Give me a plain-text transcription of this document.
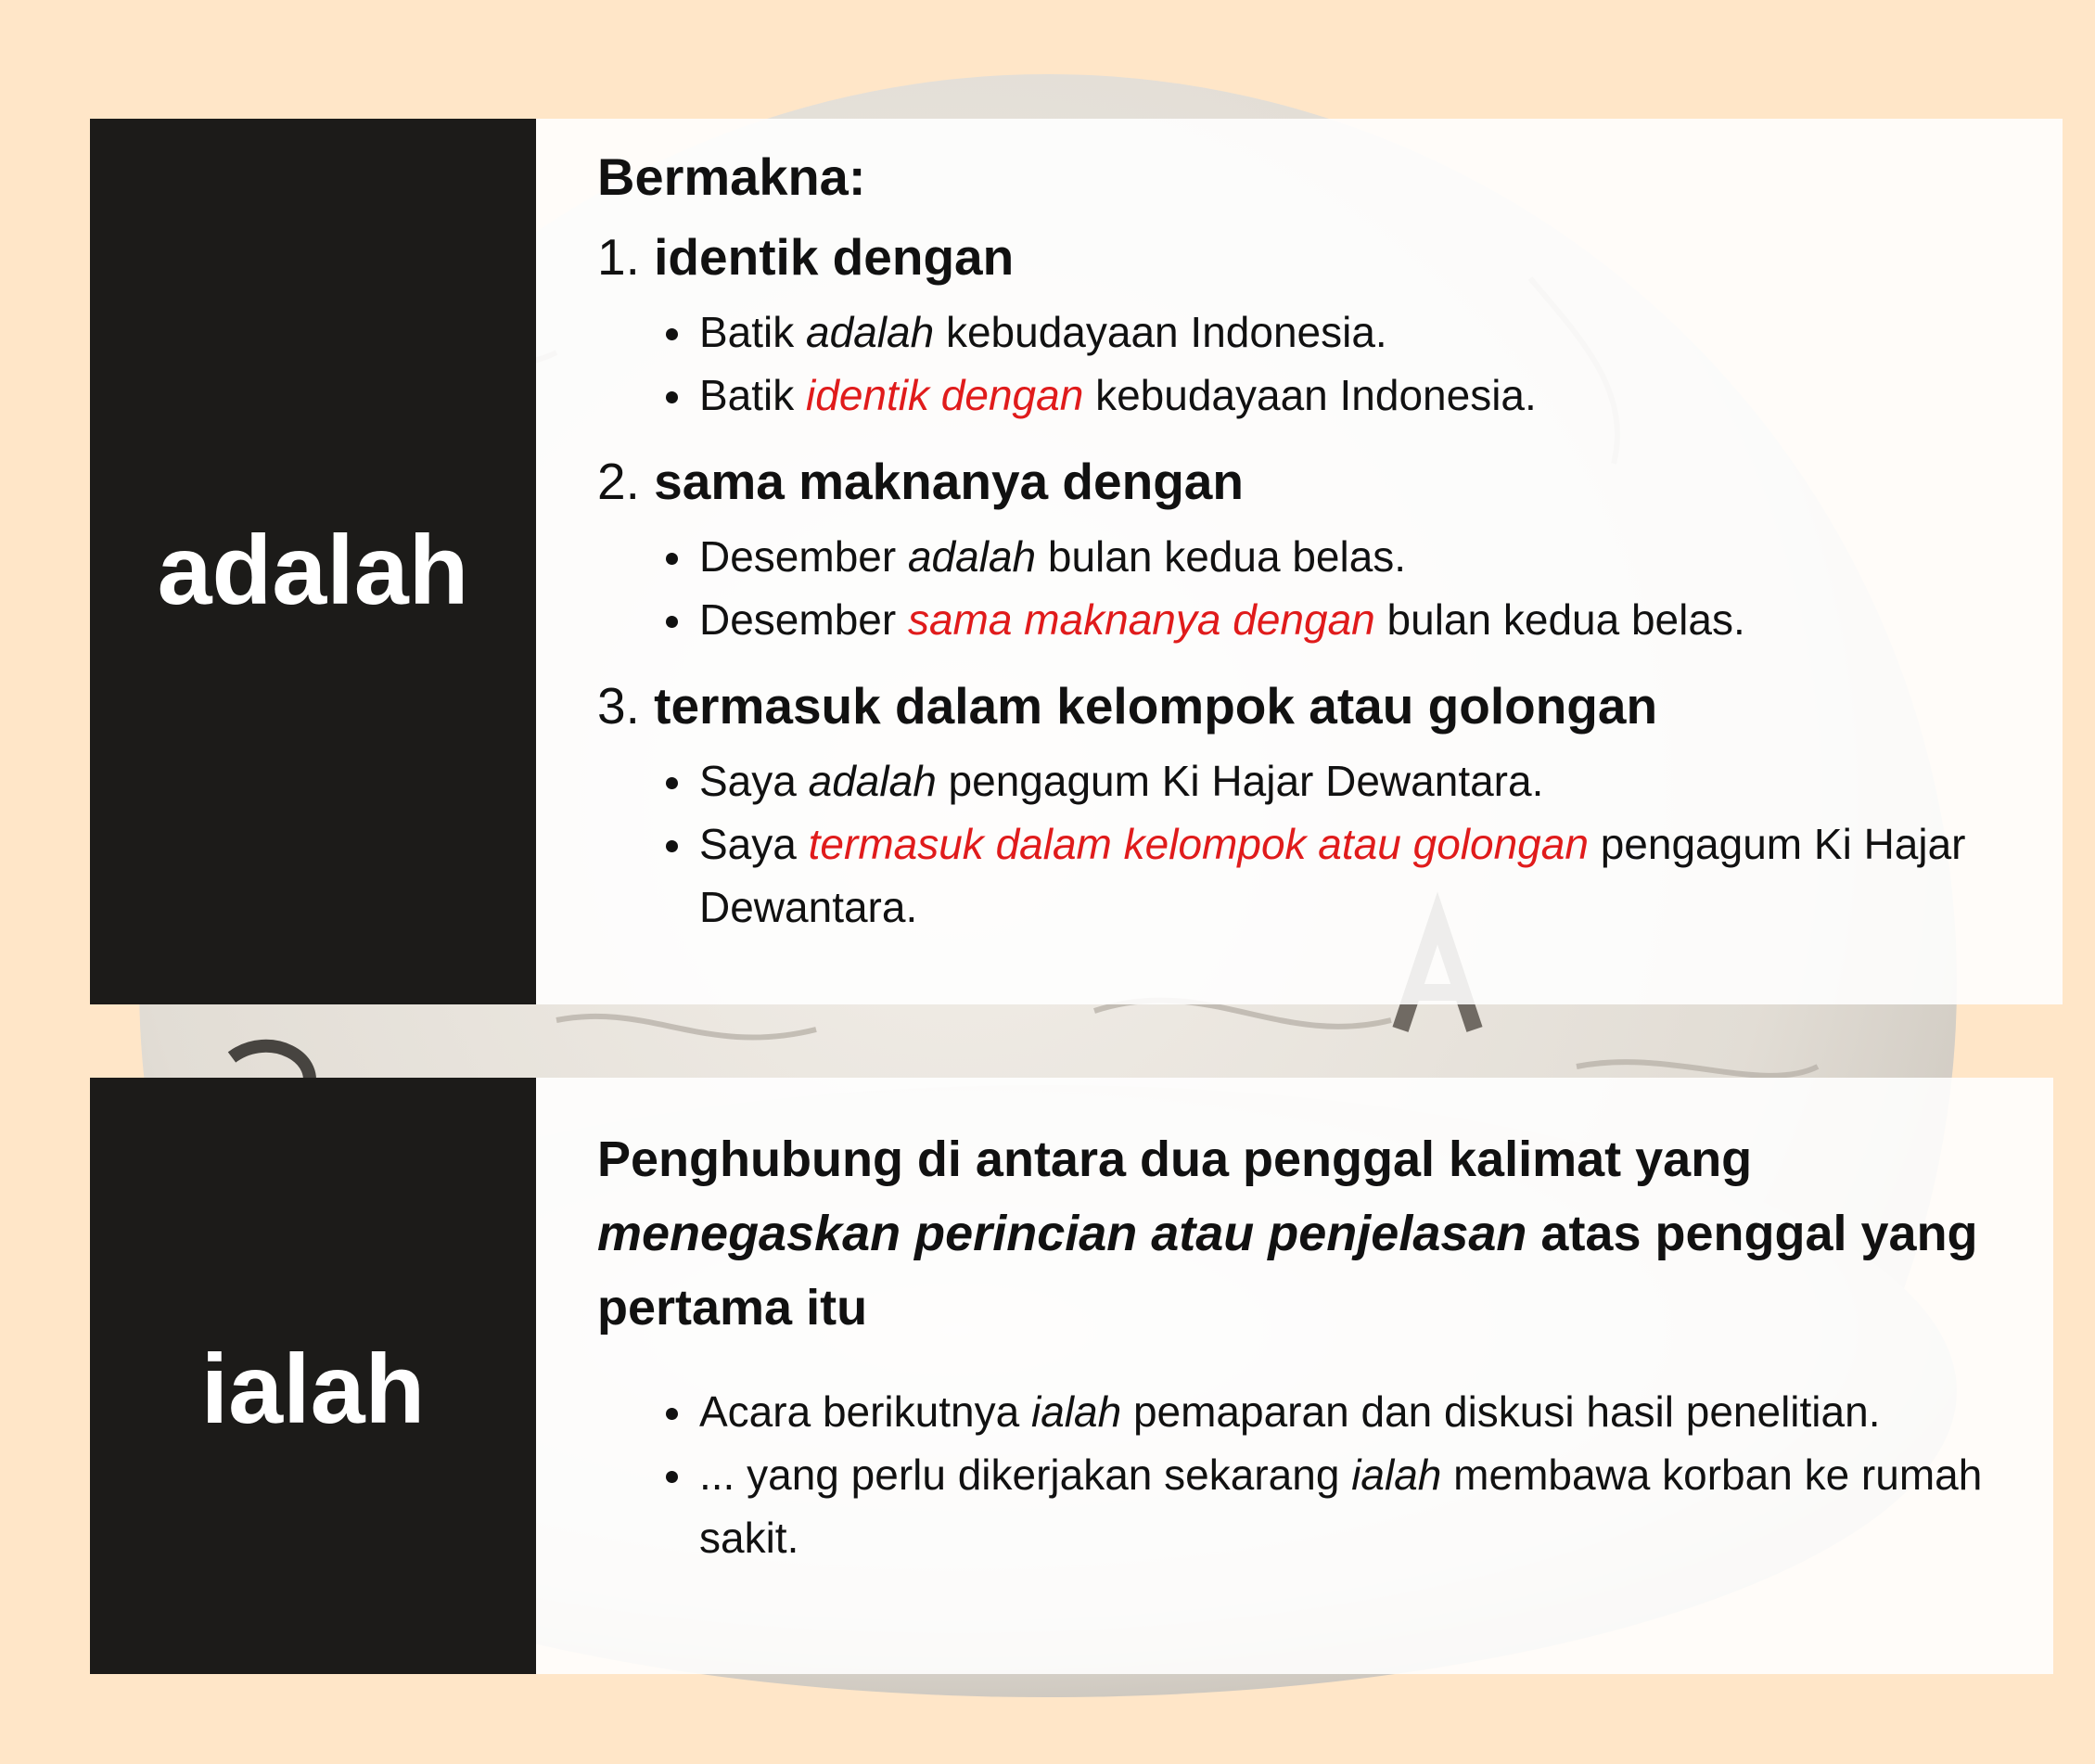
adalah

Bermakna:

1. identik dengan
Batik adalah kebudayaan Indonesia.
Batik identik dengan kebudayaan Indonesia.
2. sama maknanya dengan
Desember adalah bulan kedua belas.
Desember sama maknanya dengan bulan kedua belas.
3. termasuk dalam kelompok atau golongan
Saya adalah pengagum Ki Hajar Dewantara.
Saya termasuk dalam kelompok atau golongan pengagum Ki Hajar Dewantara.
ialah

Penghubung di antara dua penggal kalimat yang menegaskan perincian atau penjelasan atas penggal yang pertama itu

Acara berikutnya ialah pemaparan dan diskusi hasil penelitian.
... yang perlu dikerjakan sekarang ialah membawa korban ke rumah sakit.
